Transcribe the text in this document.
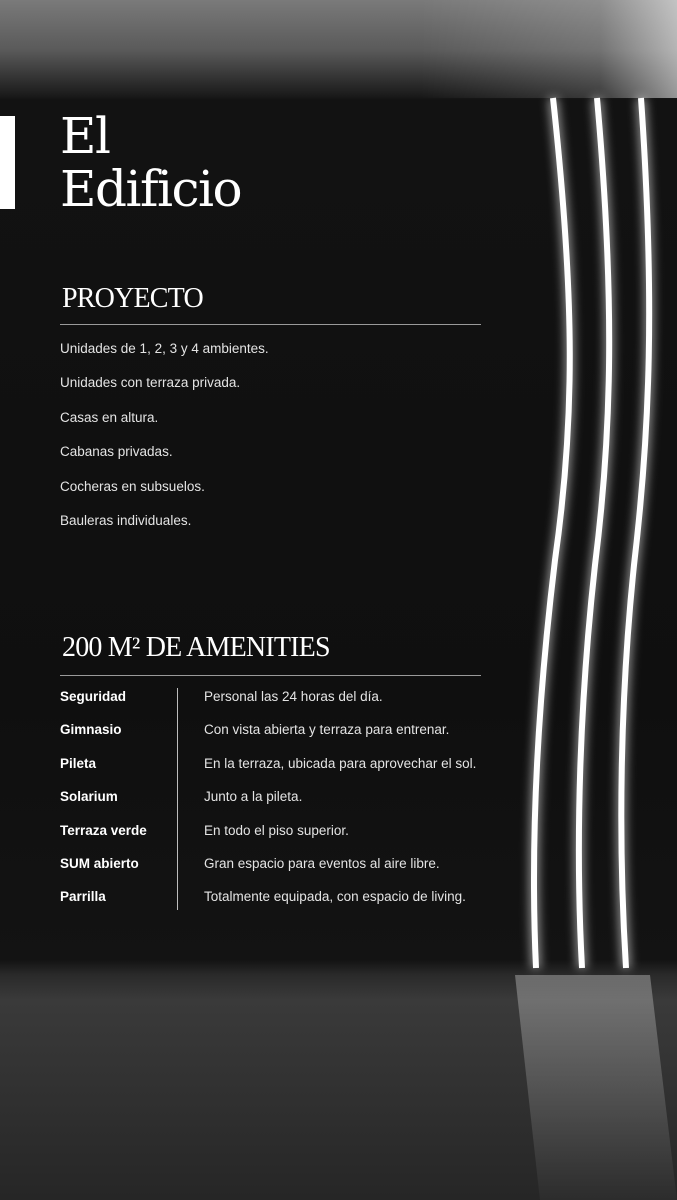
El
Edificio
PROYECTO
Unidades de 1, 2, 3 y 4 ambientes.
Unidades con terraza privada.
Casas en altura.
Cabanas privadas.
Cocheras en subsuelos.
Bauleras individuales.
200 M² DE AMENITIES
Seguridad	Personal las 24 horas del día.
Gimnasio	Con vista abierta y terraza para entrenar.
Pileta	En la terraza, ubicada para aprovechar el sol.
Solarium	Junto a la pileta.
Terraza verde	En todo el piso superior.
SUM abierto	Gran espacio para eventos al aire libre.
Parrilla	Totalmente equipada, con espacio de living.
